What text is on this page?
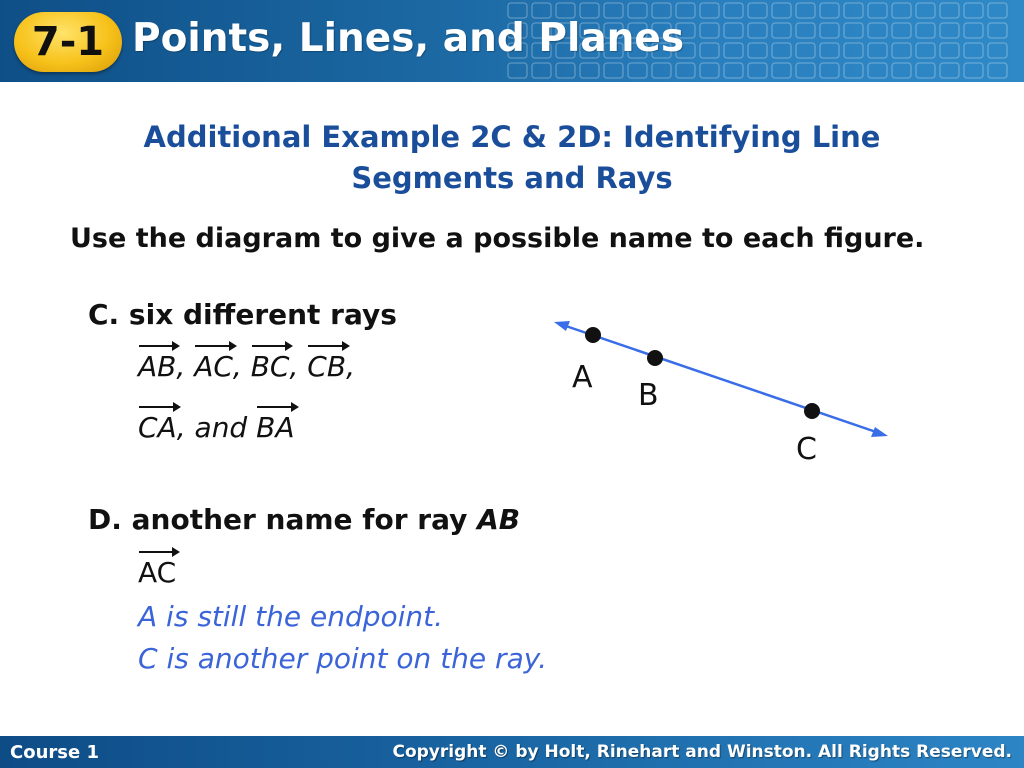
7-1 Points, Lines, and Planes
Additional Example 2C & 2D: Identifying Line
Segments and Rays
Use the diagram to give a possible name to each figure.
C. six different rays
AB, AC, BC, CB,
CA, and BA
A
B
C
D. another name for ray AB
AC
A is still the endpoint.
C is another point on the ray.
Course 1	Copyright © by Holt, Rinehart and Winston. All Rights Reserved.
